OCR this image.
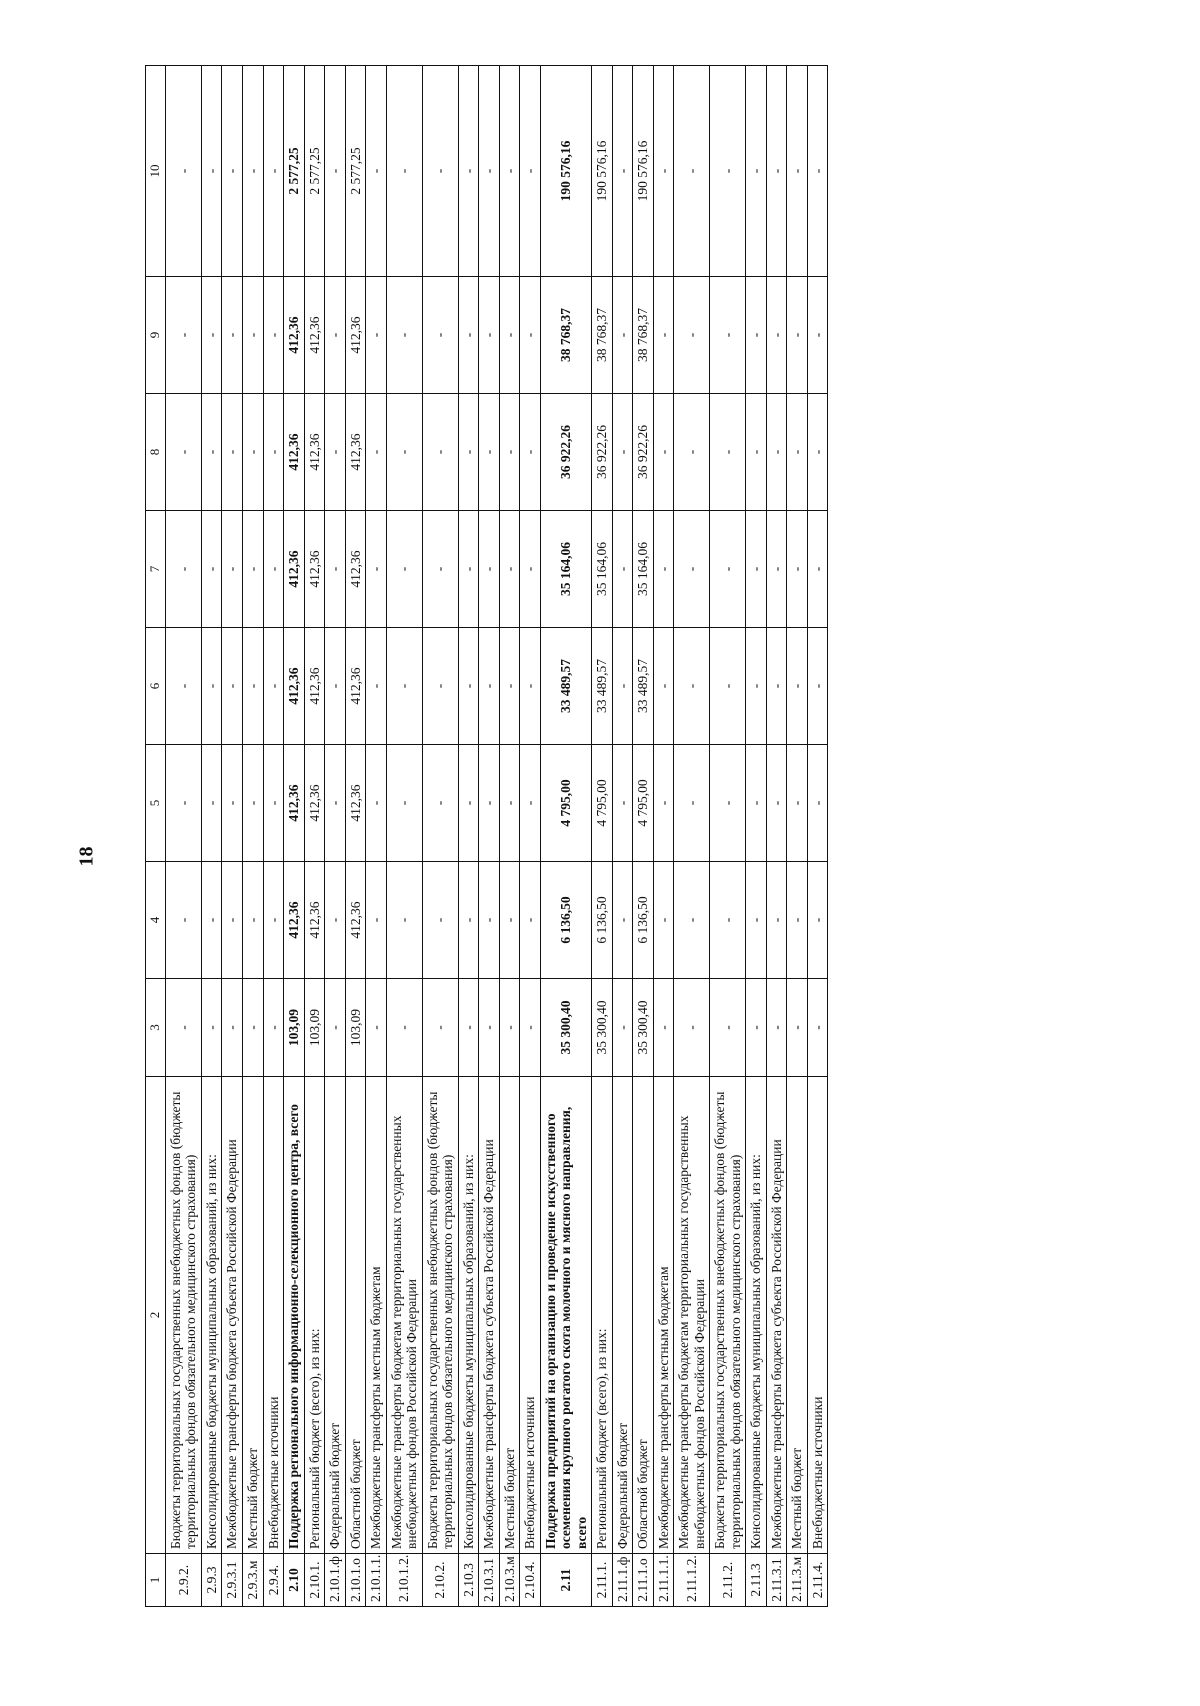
18
1	2	3	4	5	6	7	8	9	10
2.9.2.	Бюджеты территориальных государственных внебюджетных фондов (бюджеты территориальных фондов обязательного медицинского страхования)	-	-	-	-	-	-	-	-
2.9.3	Консолидированные бюджеты муниципальных образований, из них:	-	-	-	-	-	-	-	-
2.9.3.1	Межбюджетные трансферты бюджета субъекта Российской Федерации	-	-	-	-	-	-	-	-
2.9.3.м	Местный бюджет	-	-	-	-	-	-	-	-
2.9.4.	Внебюджетные источники	-	-	-	-	-	-	-	-
2.10	Поддержка регионального информационно-селекционного центра, всего	103,09	412,36	412,36	412,36	412,36	412,36	412,36	2 577,25
2.10.1.	Региональный бюджет (всего), из них:	103,09	412,36	412,36	412,36	412,36	412,36	412,36	2 577,25
2.10.1.ф	Федеральный бюджет	-	-	-	-	-	-	-	-
2.10.1.о	Областной бюджет	103,09	412,36	412,36	412,36	412,36	412,36	412,36	2 577,25
2.10.1.1.	Межбюджетные трансферты местным бюджетам	-	-	-	-	-	-	-	-
2.10.1.2.	Межбюджетные трансферты бюджетам территориальных государственных внебюджетных фондов Российской Федерации	-	-	-	-	-	-	-	-
2.10.2.	Бюджеты территориальных государственных внебюджетных фондов (бюджеты территориальных фондов обязательного медицинского страхования)	-	-	-	-	-	-	-	-
2.10.3	Консолидированные бюджеты муниципальных образований, из них:	-	-	-	-	-	-	-	-
2.10.3.1	Межбюджетные трансферты бюджета субъекта Российской Федерации	-	-	-	-	-	-	-	-
2.10.3.м	Местный бюджет	-	-	-	-	-	-	-	-
2.10.4.	Внебюджетные источники	-	-	-	-	-	-	-	-
2.11	Поддержка предприятий на организацию и проведение искусственного осеменения крупного рогатого скота молочного и мясного направления, всего	35 300,40	6 136,50	4 795,00	33 489,57	35 164,06	36 922,26	38 768,37	190 576,16
2.11.1.	Региональный бюджет (всего), из них:	35 300,40	6 136,50	4 795,00	33 489,57	35 164,06	36 922,26	38 768,37	190 576,16
2.11.1.ф	Федеральный бюджет	-	-	-	-	-	-	-	-
2.11.1.о	Областной бюджет	35 300,40	6 136,50	4 795,00	33 489,57	35 164,06	36 922,26	38 768,37	190 576,16
2.11.1.1.	Межбюджетные трансферты местным бюджетам	-	-	-	-	-	-	-	-
2.11.1.2.	Межбюджетные трансферты бюджетам территориальных государственных внебюджетных фондов Российской Федерации	-	-	-	-	-	-	-	-
2.11.2.	Бюджеты территориальных государственных внебюджетных фондов (бюджеты территориальных фондов обязательного медицинского страхования)	-	-	-	-	-	-	-	-
2.11.3	Консолидированные бюджеты муниципальных образований, из них:	-	-	-	-	-	-	-	-
2.11.3.1	Межбюджетные трансферты бюджета субъекта Российской Федерации	-	-	-	-	-	-	-	-
2.11.3.м	Местный бюджет	-	-	-	-	-	-	-	-
2.11.4.	Внебюджетные источники	-	-	-	-	-	-	-	-
